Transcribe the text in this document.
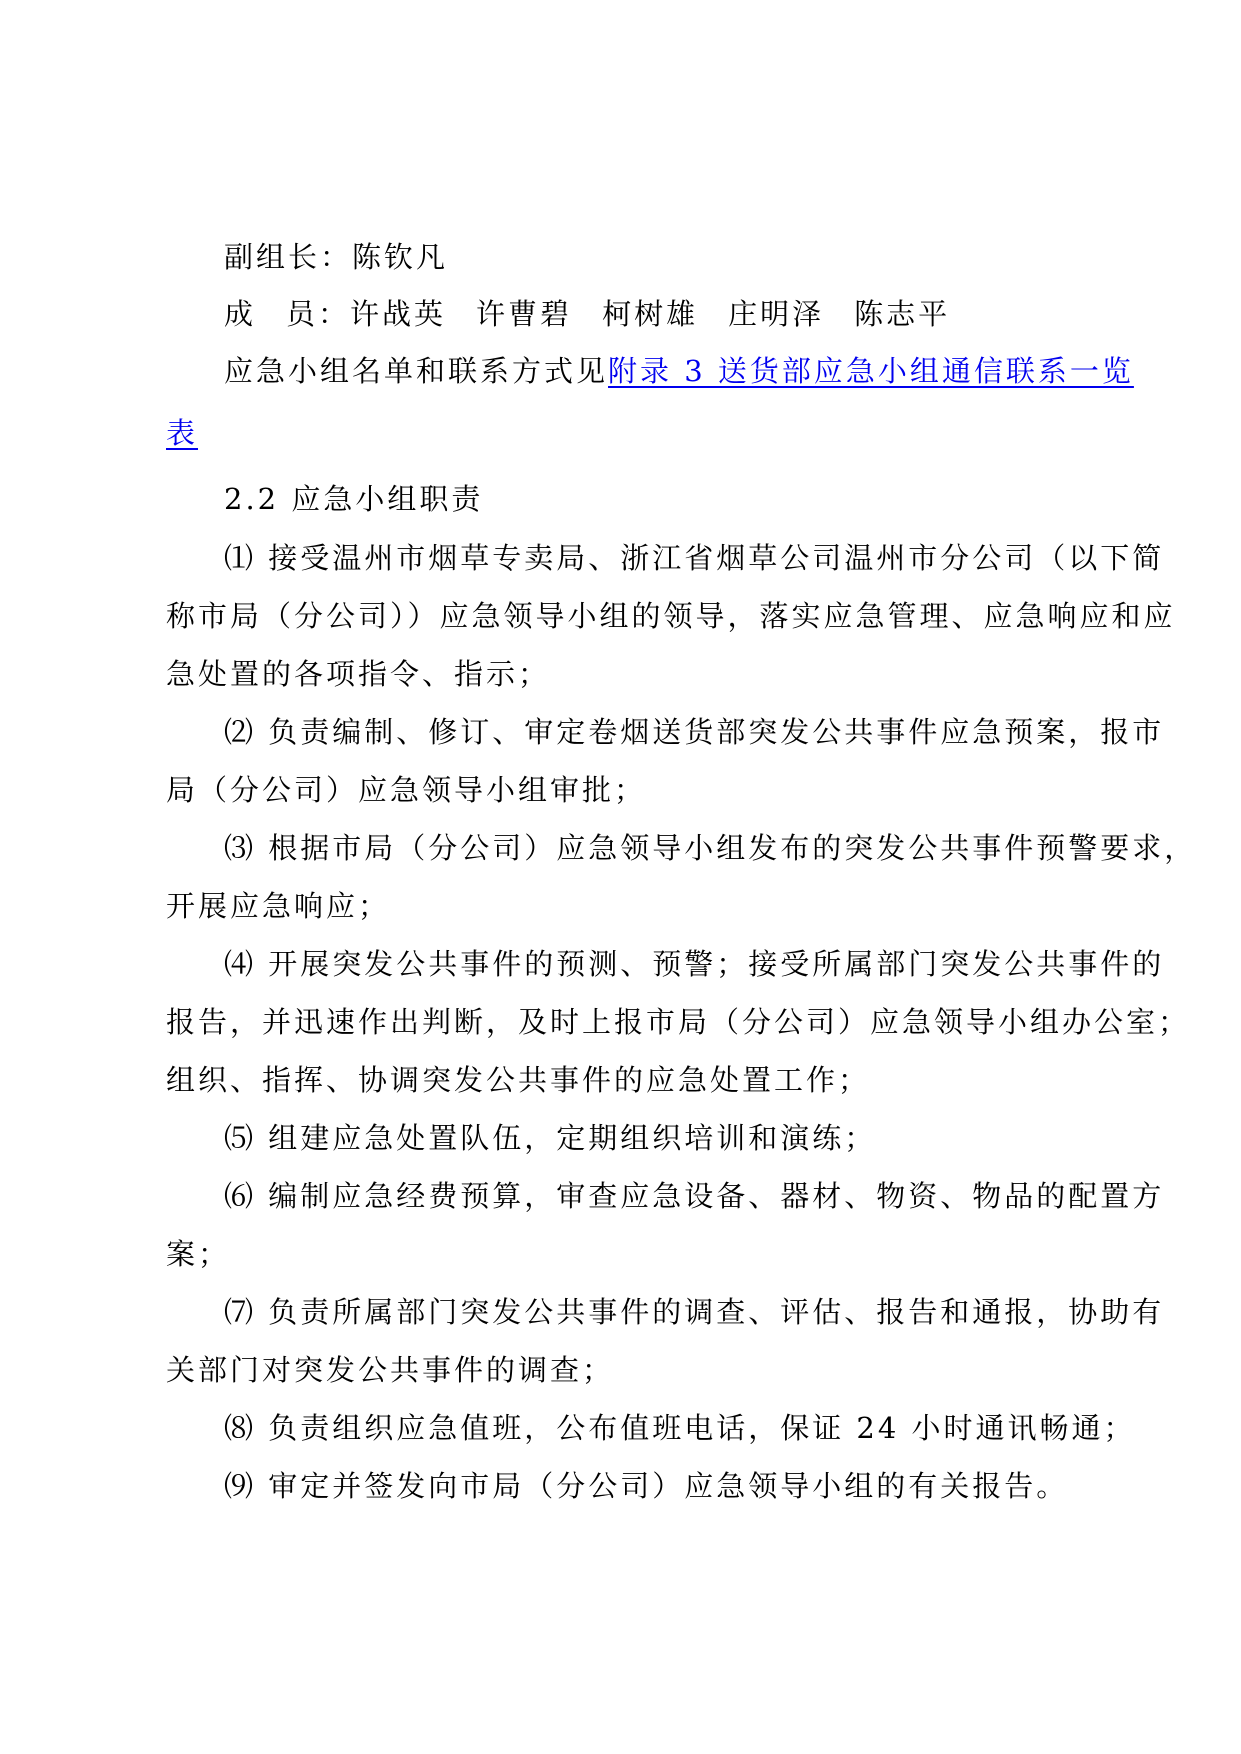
副组长：陈钦凡
成 员：许战英 许曹碧 柯树雄 庄明泽 陈志平
应急小组名单和联系方式见附录 3 送货部应急小组通信联系一览
表
2.2 应急小组职责
⑴ 接受温州市烟草专卖局、浙江省烟草公司温州市分公司（以下简
称市局（分公司））应急领导小组的领导，落实应急管理、应急响应和应
急处置的各项指令、指示；
⑵ 负责编制、修订、审定卷烟送货部突发公共事件应急预案，报市
局（分公司）应急领导小组审批；
⑶ 根据市局（分公司）应急领导小组发布的突发公共事件预警要求，
开展应急响应；
⑷ 开展突发公共事件的预测、预警；接受所属部门突发公共事件的
报告，并迅速作出判断，及时上报市局（分公司）应急领导小组办公室；
组织、指挥、协调突发公共事件的应急处置工作；
⑸ 组建应急处置队伍，定期组织培训和演练；
⑹ 编制应急经费预算，审查应急设备、器材、物资、物品的配置方
案；
⑺ 负责所属部门突发公共事件的调查、评估、报告和通报，协助有
关部门对突发公共事件的调查；
⑻ 负责组织应急值班，公布值班电话，保证 24 小时通讯畅通；
⑼ 审定并签发向市局（分公司）应急领导小组的有关报告。
